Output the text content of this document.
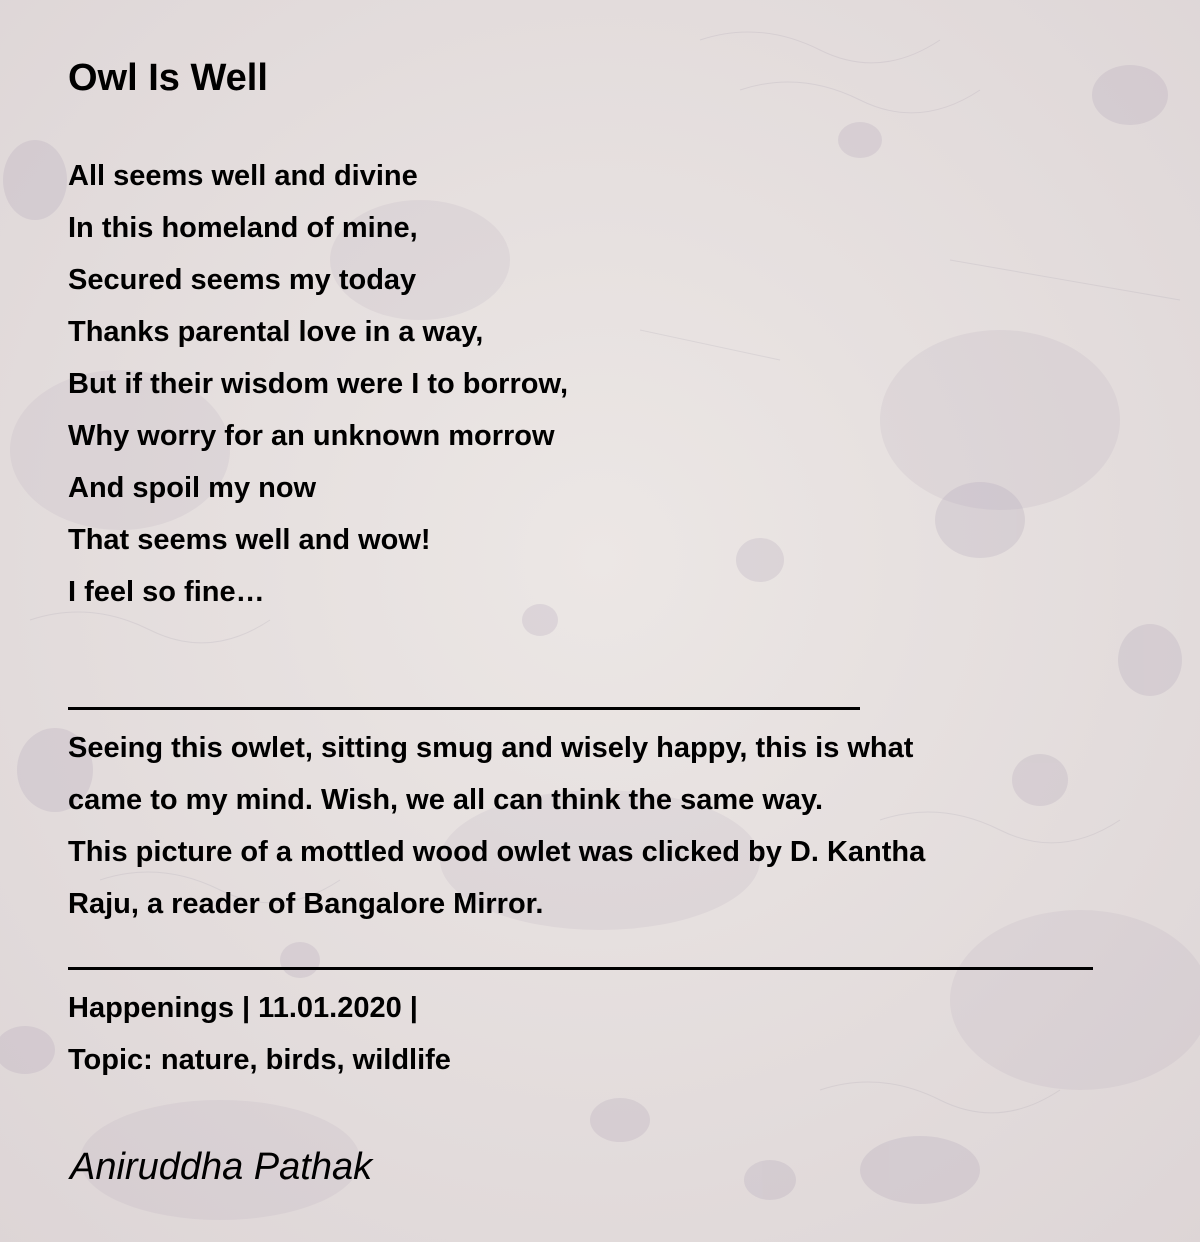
Owl Is Well
All seems well and divine
In this homeland of mine,
Secured seems my today
Thanks parental love in a way,
But if their wisdom were I to borrow,
Why worry for an unknown morrow
And spoil my now
That seems well and wow!
I feel so fine…
Seeing this owlet, sitting smug and wisely happy, this is what
came to my mind. Wish, we all can think the same way.
This picture of a mottled wood owlet was clicked by D. Kantha
Raju, a reader of Bangalore Mirror.
Happenings | 11.01.2020 |
Topic: nature, birds, wildlife
Aniruddha Pathak
